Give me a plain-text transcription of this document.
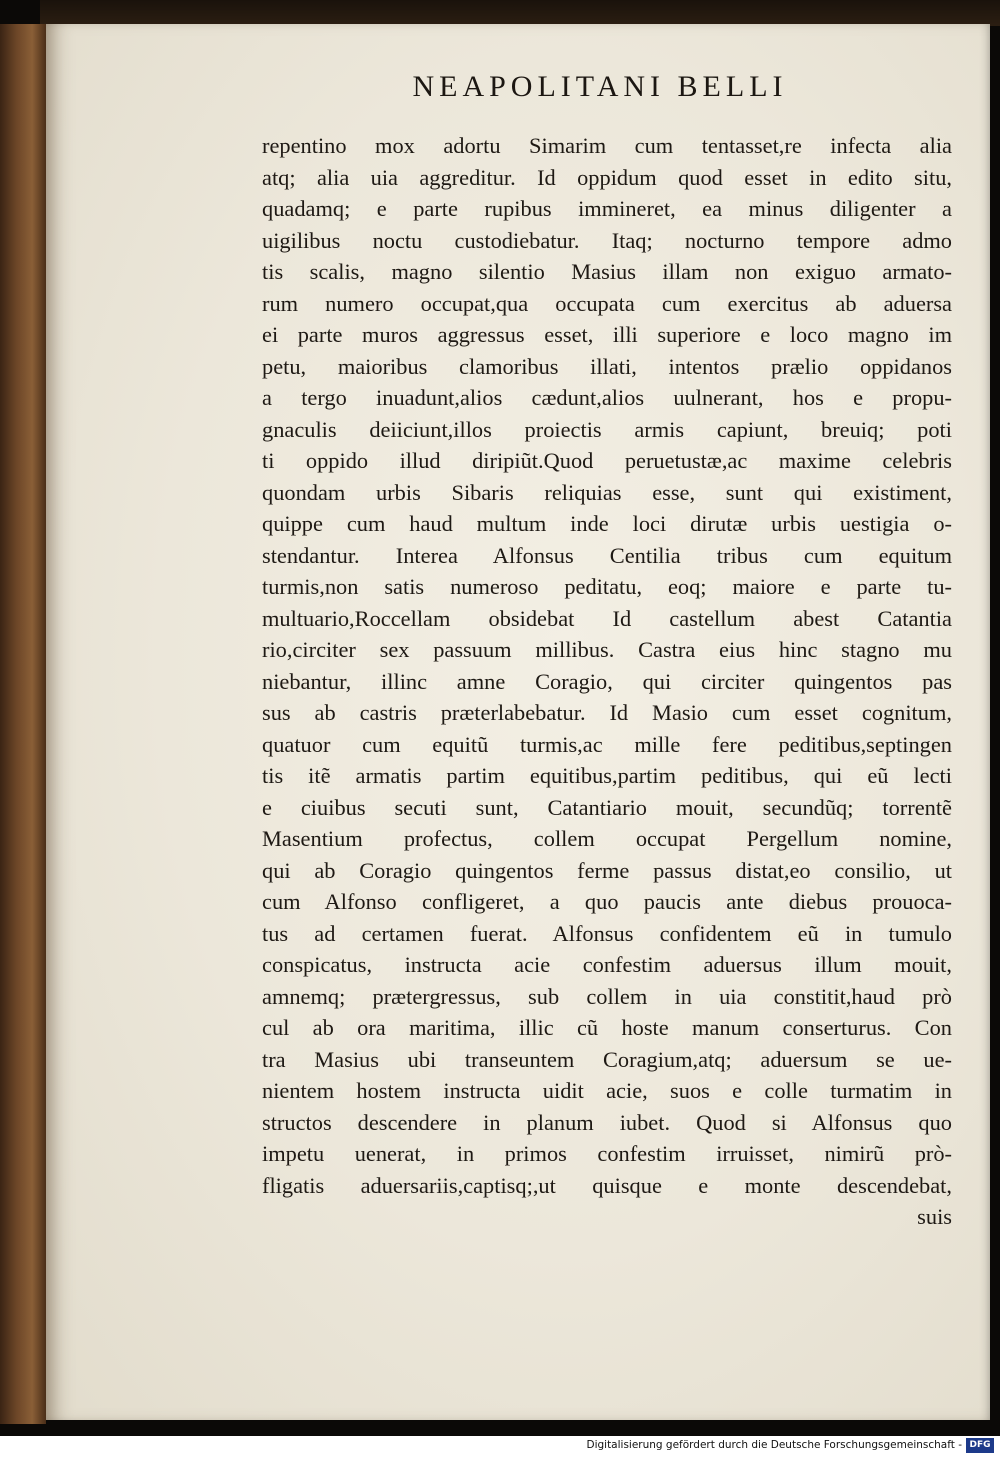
NEAPOLITANI BELLI
repentino mox adortu Simarim cum tentasset,re infecta alia
atq; alia uia aggreditur. Id oppidum quod esset in edito situ,
quadamq; e parte rupibus immineret, ea minus diligenter a
uigilibus noctu custodiebatur. Itaq; nocturno tempore admo
tis scalis, magno silentio Masius illam non exiguo armato-
rum numero occupat,qua occupata cum exercitus ab aduersa
ei parte muros aggressus esset, illi superiore e loco magno im
petu, maioribus clamoribus illati, intentos prælio oppidanos
a tergo inuadunt,alios cædunt,alios uulnerant, hos e propu-
gnaculis deiiciunt,illos proiectis armis capiunt, breuiq; poti
ti oppido illud diripiũt.Quod peruetustæ,ac maxime celebris
quondam urbis Sibaris reliquias esse, sunt qui existiment,
quippe cum haud multum inde loci dirutæ urbis uestigia o-
stendantur. Interea Alfonsus Centilia tribus cum equitum
turmis,non satis numeroso peditatu, eoq; maiore e parte tu-
multuario,Roccellam obsidebat Id castellum abest Catantia
rio,circiter sex passuum millibus. Castra eius hinc stagno mu
niebantur, illinc amne Coragio, qui circiter quingentos pas
sus ab castris præterlabebatur. Id Masio cum esset cognitum,
quatuor cum equitũ turmis,ac mille fere peditibus,septingen
tis itẽ armatis partim equitibus,partim peditibus, qui eũ lecti
e ciuibus secuti sunt, Catantiario mouit, secundũq; torrentẽ
Masentium profectus, collem occupat Pergellum nomine,
qui ab Coragio quingentos ferme passus distat,eo consilio, ut
cum Alfonso confligeret, a quo paucis ante diebus prouoca-
tus ad certamen fuerat. Alfonsus confidentem eũ in tumulo
conspicatus, instructa acie confestim aduersus illum mouit,
amnemq; prætergressus, sub collem in uia constitit,haud prò
cul ab ora maritima, illic cũ hoste manum conserturus. Con
tra Masius ubi transeuntem Coragium,atq; aduersum se ue-
nientem hostem instructa uidit acie, suos e colle turmatim in
structos descendere in planum iubet. Quod si Alfonsus quo
impetu uenerat, in primos confestim irruisset, nimirũ prò-
fligatis aduersariis,captisq;,ut quisque e monte descendebat,
suis
Digitalisierung gefördert durch die Deutsche Forschungsgemeinschaft - DFG
